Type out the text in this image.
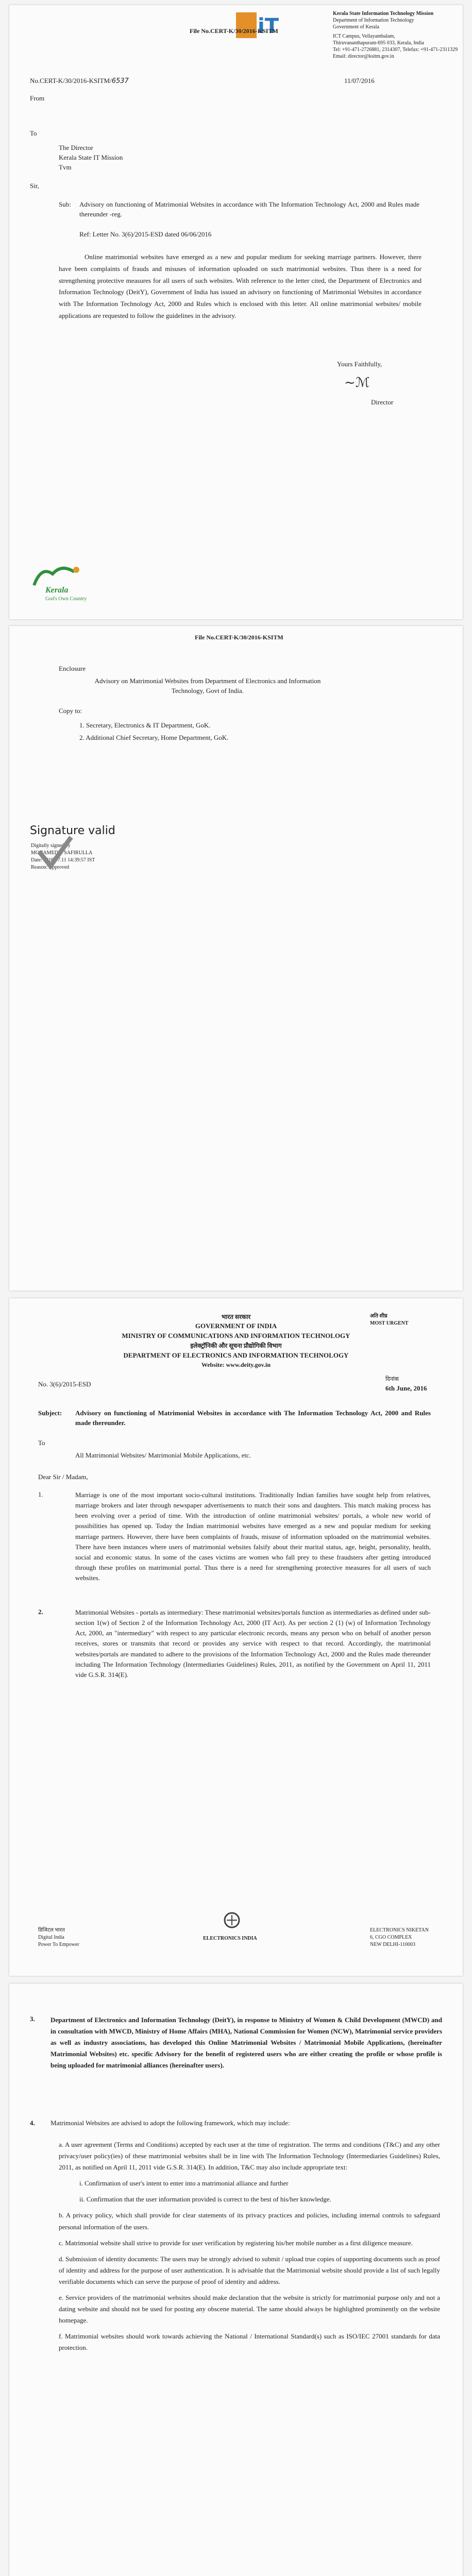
iT
Kerala State Information Technology Mission
Department of Information Technology
Government of Kerala
ICT Campus, Vellayambalam,
Thiruvananthapuram-695 033, Kerala, India
Tel: +91-471-2726881, 2314307, Telefax: +91-471-2311329
Email: director@ksitm.gov.in
File No.CERT-K/30/2016-KSITM
No.CERT-K/30/2016-KSITM/6537	11/07/2016
From
To
The Director
Kerala State IT Mission
Tvm
Sir,
Sub: Advisory on functioning of Matrimonial Websites in accordance with The Information Technology Act, 2000 and Rules made thereunder -reg.
Ref: Letter No. 3(6)/2015-ESD dated 06/06/2016
Online matrimonial websites have emerged as a new and popular medium for seeking marriage partners. However, there have been complaints of frauds and misuses of information uploaded on such matrimonial websites. Thus there is a need for strengthening protective measures for all users of such websites. With reference to the letter cited, the Department of Electronics and Information Technology (DeitY), Government of India has issued an advisory on functioning of Matrimonial Websites in accordance with The Information Technology Act, 2000 and Rules which is enclosed with this letter. All online matrimonial websites/ mobile applications are requested to follow the guidelines in the advisory.
Yours Faithfully,
~ℳ
Director
Kerala
God's Own Country
File No.CERT-K/30/2016-KSITM
Enclosure
Advisory on Matrimonial Websites from Department of Electronics and Information Technology, Govt of India.
Copy to:
1. Secretary, Electronics & IT Department, GoK.
2. Additional Chief Secretary, Home Department, GoK.
Signature valid
Digitally signed by
MOHAMED Y SAFIRULLA
Date: 2016.07.11 14:39:57 IST
Reason: Approved
अति शीघ्र
MOST URGENT
भारत सरकार
GOVERNMENT OF INDIA
MINISTRY OF COMMUNICATIONS AND INFORMATION TECHNOLOGY
इलेक्ट्रॉनिकी और सूचना प्रौद्योगिकी विभाग
DEPARTMENT OF ELECTRONICS AND INFORMATION TECHNOLOGY
Website: www.deity.gov.in
No. 3(6)/2015-ESD
दिनांक
6th June, 2016
Subject: Advisory on functioning of Matrimonial Websites in accordance with The Information Technology Act, 2000 and Rules made thereunder.
To
All Matrimonial Websites/ Matrimonial Mobile Applications, etc.
Dear Sir / Madam,
1.	Marriage is one of the most important socio-cultural institutions. Traditionally Indian families have sought help from relatives, marriage brokers and later through newspaper advertisements to match their sons and daughters. This match making process has been evolving over a period of time. With the introduction of online matrimonial websites/ portals, a whole new world of possibilities has opened up. Today the Indian matrimonial websites have emerged as a new and popular medium for seeking marriage partners. However, there have been complaints of frauds, misuse of information uploaded on the matrimonial websites. There have been instances where users of matrimonial websites falsify about their marital status, age, height, personality, health, social and economic status. In some of the cases victims are women who fall prey to these fraudsters after getting introduced through these profiles on matrimonial portal. Thus there is a need for strengthening protective measures for all users of such websites.
2.	Matrimonial Websites - portals as intermediary: These matrimonial websites/portals function as intermediaries as defined under sub-section 1(w) of Section 2 of the Information Technology Act, 2000 (IT Act). As per section 2 (1) (w) of Information Technology Act, 2000, an "intermediary" with respect to any particular electronic records, means any person who on behalf of another person receives, stores or transmits that record or provides any service with respect to that record. Accordingly, the matrimonial websites/portals are mandated to adhere to the provisions of the Information Technology Act, 2000 and the Rules made thereunder including The Information Technology (Intermediaries Guidelines) Rules, 2011, as notified by the Government on April 11, 2011 vide G.S.R. 314(E).
डिजिटल भारत
Digital India
Power To Empower
ELECTRONICS INDIA
ELECTRONICS NIKETAN
6, CGO COMPLEX
NEW DELHI-110003
3. Department of Electronics and Information Technology (DeitY), in response to Ministry of Women & Child Development (MWCD) and in consultation with MWCD, Ministry of Home Affairs (MHA), National Commission for Women (NCW), Matrimonial service providers as well as industry associations, has developed this Online Matrimonial Websites / Matrimonial Mobile Applications, (hereinafter Matrimonial Websites) etc. specific Advisory for the benefit of registered users who are either creating the profile or whose profile is being uploaded for matrimonial alliances (hereinafter users).
4. Matrimonial Websites are advised to adopt the following framework, which may include:
a. A user agreement (Terms and Conditions) accepted by each user at the time of registration. The terms and conditions (T&C) and any other privacy/user policy(ies) of these matrimonial websites shall be in line with The Information Technology (Intermediaries Guidelines) Rules, 2011, as notified on April 11, 2011 vide G.S.R. 314(E). In addition, T&C may also include appropriate text:
i. Confirmation of user's intent to enter into a matrimonial alliance and further
ii. Confirmation that the user information provided is correct to the best of his/her knowledge.
b. A privacy policy, which shall provide for clear statements of its privacy practices and policies, including internal controls to safeguard personal information of the users.
c. Matrimonial website shall strive to provide for user verification by registering his/her mobile number as a first diligence measure.
d. Submission of identity documents: The users may be strongly advised to submit / upload true copies of supporting documents such as proof of identity and address for the purpose of user authentication. It is advisable that the Matrimonial website should provide a list of such legally verifiable documents which can serve the purpose of proof of identity and address.
e. Service providers of the matrimonial websites should make declaration that the website is strictly for matrimonial purpose only and not a dating website and should not be used for posting any obscene material. The same should always be highlighted prominently on the website homepage.
f. Matrimonial websites should work towards achieving the National / International Standard(s) such as ISO/IEC 27001 standards for data protection.
